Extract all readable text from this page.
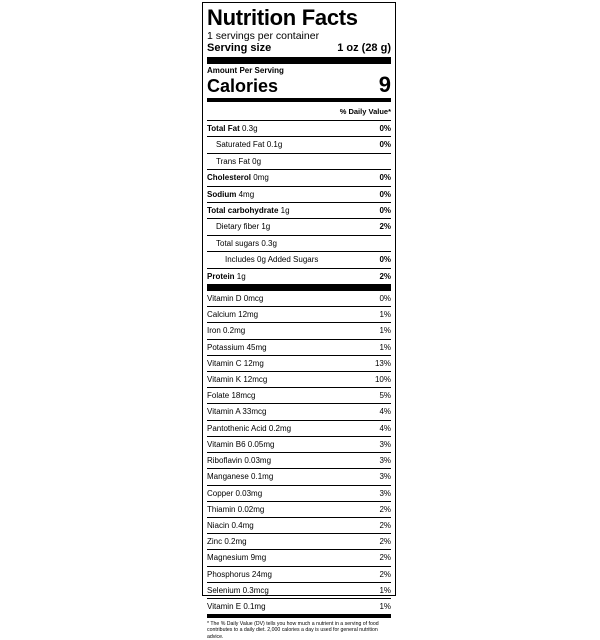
Nutrition Facts
1 servings per container
Serving size	1 oz (28 g)
Amount Per Serving
Calories	9
% Daily Value*
Total Fat 0.3g	0%
Saturated Fat 0.1g	0%
Trans Fat 0g
Cholesterol 0mg	0%
Sodium 4mg	0%
Total carbohydrate 1g	0%
Dietary fiber 1g	2%
Total sugars 0.3g
Includes 0g Added Sugars	0%
Protein 1g	2%
Vitamin D 0mcg	0%
Calcium 12mg	1%
Iron 0.2mg	1%
Potassium 45mg	1%
Vitamin C 12mg	13%
Vitamin K 12mcg	10%
Folate 18mcg	5%
Vitamin A 33mcg	4%
Pantothenic Acid 0.2mg	4%
Vitamin B6 0.05mg	3%
Riboflavin 0.03mg	3%
Manganese 0.1mg	3%
Copper 0.03mg	3%
Thiamin 0.02mg	2%
Niacin 0.4mg	2%
Zinc 0.2mg	2%
Magnesium 9mg	2%
Phosphorus 24mg	2%
Selenium 0.3mcg	1%
Vitamin E 0.1mg	1%
* The % Daily Value (DV) tells you how much a nutrient in a serving of food contributes to a daily diet. 2,000 calories a day is used for general nutrition advice.
